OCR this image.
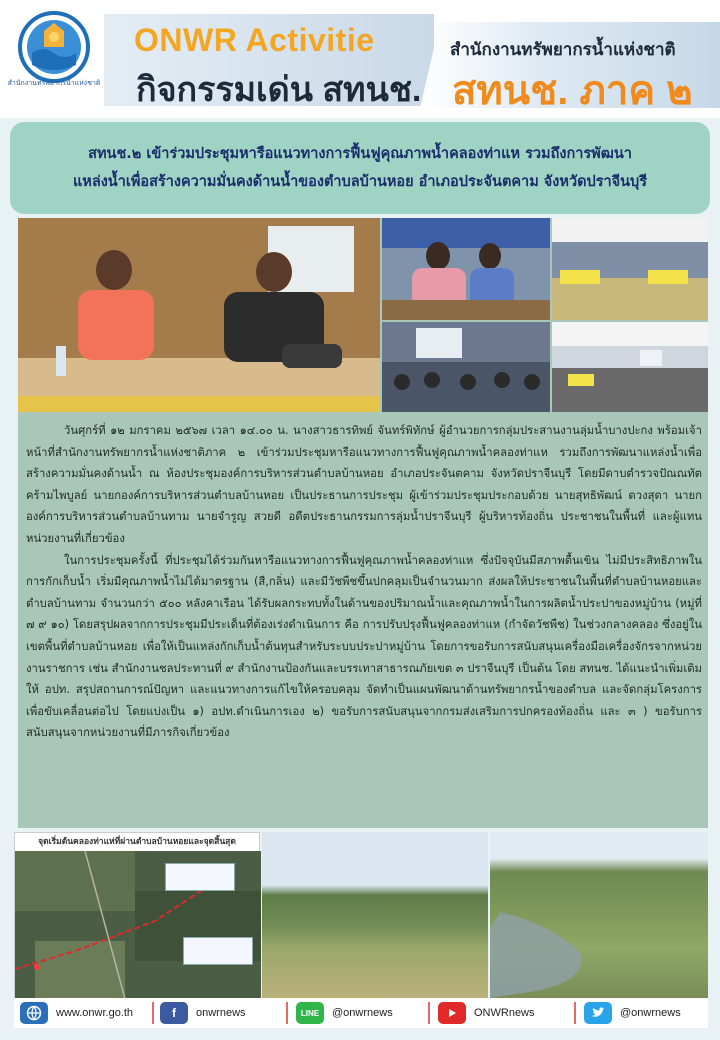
สำนักงานทรัพยากรน้ำแห่งชาติ
ONWR Activitie
กิจกรรมเด่น สทนช.
สำนักงานทรัพยากรน้ำแห่งชาติ
สทนช. ภาค ๒
สทนช.๒ เข้าร่วมประชุมหารือแนวทางการฟื้นฟูคุณภาพน้ำคลองท่าแห รวมถึงการพัฒนา
แหล่งน้ำเพื่อสร้างความมั่นคงด้านน้ำของตำบลบ้านหอย อำเภอประจันตคาม จังหวัดปราจีนบุรี

วันศุกร์ที่ ๑๒ มกราคม ๒๕๖๗ เวลา ๑๔.๐๐ น. นางสาวธารทิพย์ จันทร์พิทักษ์ ผู้อำนวยการกลุ่มประสานงานลุ่มน้ำบางปะกง พร้อมเจ้าหน้าที่สำนักงานทรัพยากรน้ำแห่งชาติภาค ๒ เข้าร่วมประชุมหารือแนวทางการฟื้นฟูคุณภาพน้ำคลองท่าแห รวมถึงการพัฒนาแหล่งน้ำเพื่อสร้างความมั่นคงด้านน้ำ ณ ห้องประชุมองค์การบริหารส่วนตำบลบ้านหอย อำเภอประจันตคาม จังหวัดปราจีนบุรี โดยมีดาบตำรวจปัณณทัต คร้ามไพบูลย์ นายกองค์การบริหารส่วนตำบลบ้านหอย เป็นประธานการประชุม ผู้เข้าร่วมประชุมประกอบด้วย นายสุทธิพัฒน์ ดวงสุดา นายกองค์การบริหารส่วนตำบลบ้านทาม นายจำรูญ สวยดี อดีตประธานกรรมการลุ่มน้ำปราจีนบุรี ผู้บริหารท้องถิ่น ประชาชนในพื้นที่ และผู้แทนหน่วยงานที่เกี่ยวข้อง

ในการประชุมครั้งนี้ ที่ประชุมได้ร่วมกันหารือแนวทางการฟื้นฟูคุณภาพน้ำคลองท่าแห ซึ่งปัจจุบันมีสภาพตื้นเขิน ไม่มีประสิทธิภาพในการกักเก็บน้ำ เริ่มมีคุณภาพน้ำไม่ได้มาตรฐาน (สี,กลิ่น) และมีวัชพืชขึ้นปกคลุมเป็นจำนวนมาก ส่งผลให้ประชาชนในพื้นที่ตำบลบ้านหอยและตำบลบ้านทาม จำนวนกว่า ๕๐๐ หลังคาเรือน ได้รับผลกระทบทั้งในด้านของปริมาณน้ำและคุณภาพน้ำในการผลิตน้ำประปาของหมู่บ้าน (หมู่ที่ ๗ ๙ ๑๐) โดยสรุปผลจากการประชุมมีประเด็นที่ต้องเร่งดำเนินการ คือ การปรับปรุงฟื้นฟูคลองท่าแห (กำจัดวัชพืช) ในช่วงกลางคลอง ซึ่งอยู่ในเขตพื้นที่ตำบลบ้านหอย เพื่อให้เป็นแหล่งกักเก็บน้ำต้นทุนสำหรับระบบประปาหมู่บ้าน โดยการขอรับการสนับสนุนเครื่องมือเครื่องจักรจากหน่วยงานราชการ เช่น สำนักงานชลประทานที่ ๙ สำนักงานป้องกันและบรรเทาสาธารณภัยเขต ๓ ปราจีนบุรี เป็นต้น โดย สทนช. ได้แนะนำเพิ่มเติมให้ อปท. สรุปสถานการณ์ปัญหา และแนวทางการแก้ไขให้ครอบคลุม จัดทำเป็นแผนพัฒนาด้านทรัพยากรน้ำของตำบล และจัดกลุ่มโครงการเพื่อขับเคลื่อนต่อไป โดยแบ่งเป็น ๑) อปท.ดำเนินการเอง ๒) ขอรับการสนับสนุนจากกรมส่งเสริมการปกครองท้องถิ่น และ ๓ ) ขอรับการสนับสนุนจากหน่วยงานที่มีภารกิจเกี่ยวข้อง

จุดเริ่มต้นคลองท่าแห่ที่ผ่านตำบลบ้านหอยและจุดสิ้นสุด
www.onwr.go.th	f	onwrnews	LINE	@onwrnews	ONWRnews	@onwrnews
